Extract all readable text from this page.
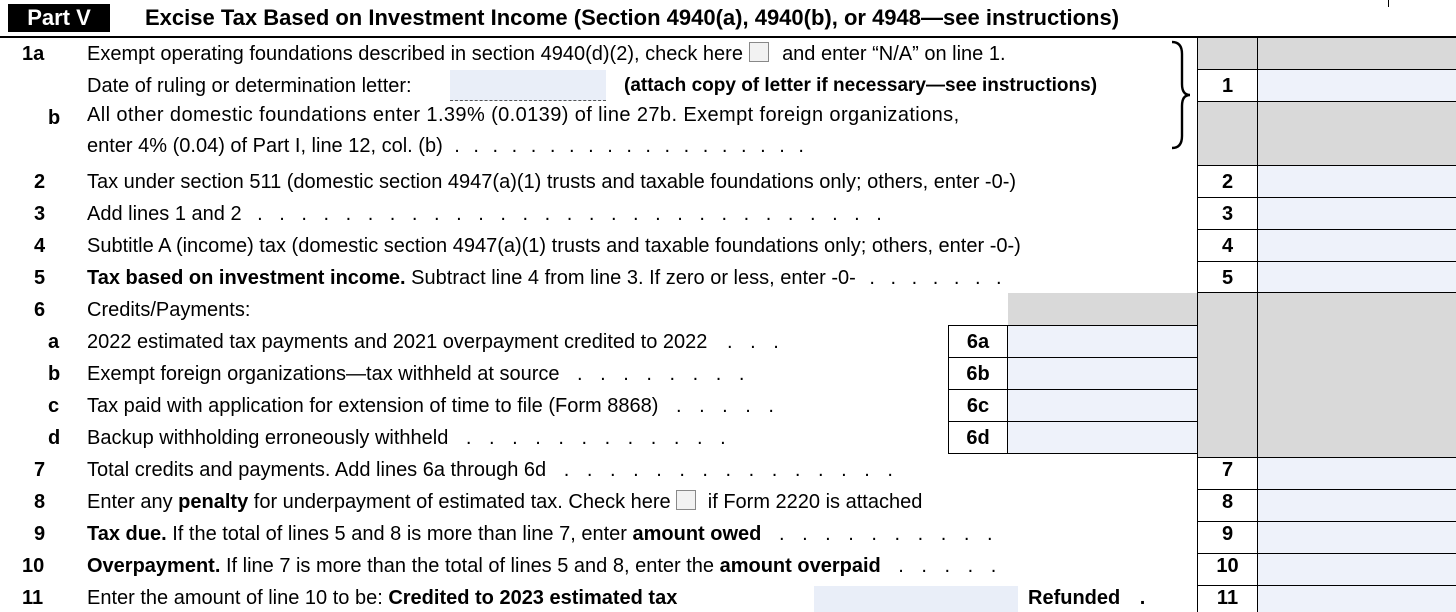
Part V	Excise Tax Based on Investment Income (Section 4940(a), 4940(b), or 4948—see instructions)
1a Exempt operating foundations described in section 4940(d)(2), check here and enter “N/A” on line 1.
Date of ruling or determination letter:	(attach copy of letter if necessary—see instructions)	1
b All other domestic foundations enter 1.39% (0.0139) of line 27b. Exempt foreign organizations,
enter 4% (0.04) of Part I, line 12, col. (b) . . . . . . . . . . . . . . . . . . .
2 Tax under section 511 (domestic section 4947(a)(1) trusts and taxable foundations only; others, enter -0-)	2
3 Add lines 1 and 2 . . . . . . . . . . . . . . . . . . . . . . . . . . . . .	3
4 Subtitle A (income) tax (domestic section 4947(a)(1) trusts and taxable foundations only; others, enter -0-)	4
5 Tax based on investment income. Subtract line 4 from line 3. If zero or less, enter -0- . . . . . . .	5
6 Credits/Payments:
a 2022 estimated tax payments and 2021 overpayment credited to 2022 . . .	6a
b Exempt foreign organizations—tax withheld at source . . . . . . . .	6b
c Tax paid with application for extension of time to file (Form 8868) . . . . .	6c
d Backup withholding erroneously withheld . . . . . . . . . . . .	6d
7 Total credits and payments. Add lines 6a through 6d . . . . . . . . . . . . . . .	7
8 Enter any penalty for underpayment of estimated tax. Check here if Form 2220 is attached	8
9 Tax due. If the total of lines 5 and 8 is more than line 7, enter amount owed . . . . . . . . . .	9
10 Overpayment. If line 7 is more than the total of lines 5 and 8, enter the amount overpaid . . . . .	10
11 Enter the amount of line 10 to be: Credited to 2023 estimated tax	Refunded .	11
